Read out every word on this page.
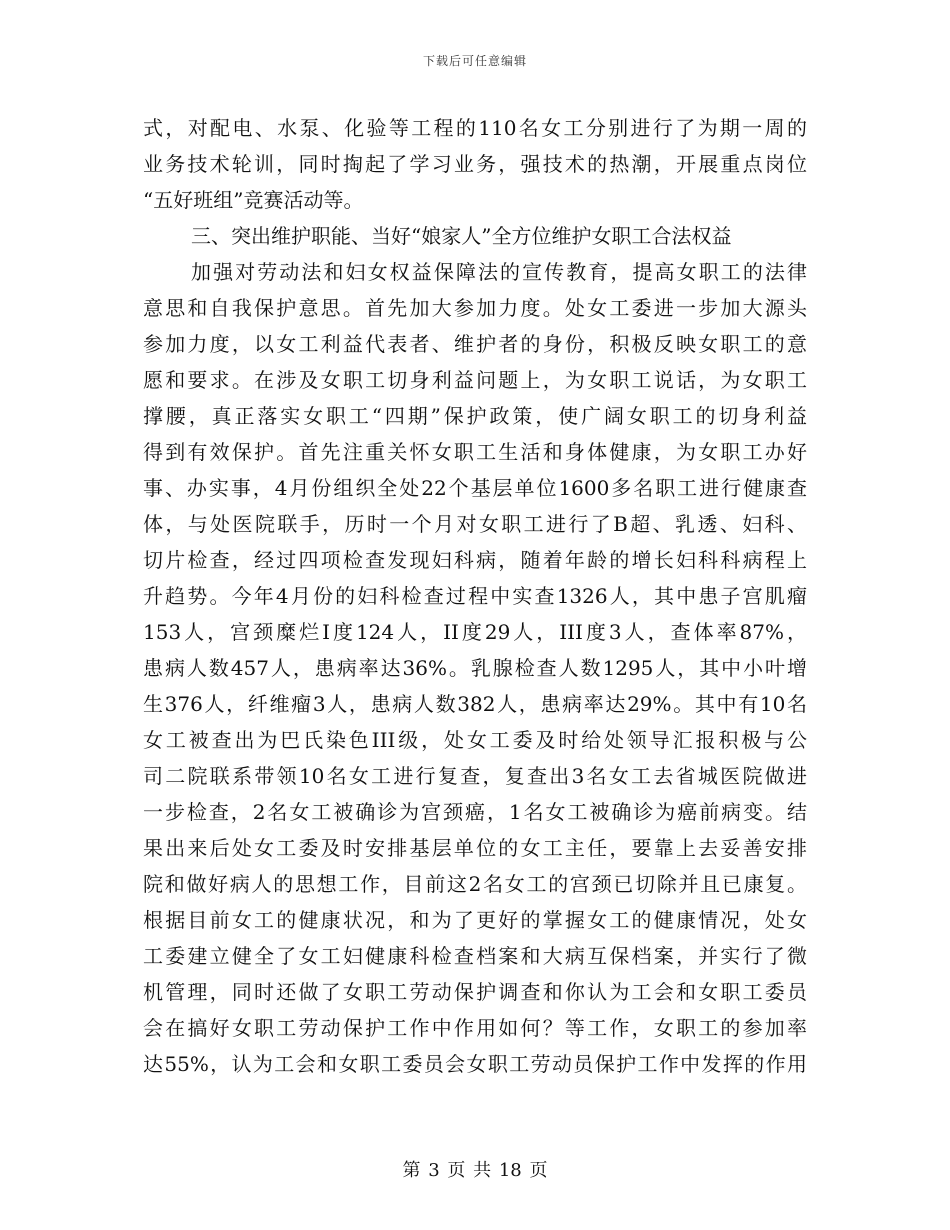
下载后可任意编辑
式，对配电、水泵、化验等工程的110名女工分别进行了为期一周的
业务技术轮训，同时掏起了学习业务，强技术的热潮，开展重点岗位
“五好班组”竞赛活动等。
三、突出维护职能、当好“娘家人”全方位维护女职工合法权益
加强对劳动法和妇女权益保障法的宣传教育，提高女职工的法律
意思和自我保护意思。首先加大参加力度。处女工委进一步加大源头
参加力度，以女工利益代表者、维护者的身份，积极反映女职工的意
愿和要求。在涉及女职工切身利益问题上，为女职工说话，为女职工
撑腰，真正落实女职工“四期”保护政策，使广阔女职工的切身利益
得到有效保护。首先注重关怀女职工生活和身体健康，为女职工办好
事、办实事，4月份组织全处22个基层单位1600多名职工进行健康查
体，与处医院联手，历时一个月对女职工进行了B超、乳透、妇科、
切片检查，经过四项检查发现妇科病，随着年龄的增长妇科科病程上
升趋势。今年4月份的妇科检查过程中实查1326人，其中患子宫肌瘤
153人，宫颈糜烂I度124人，II度29人，III度3人，查体率87%，
患病人数457人，患病率达36%。乳腺检查人数1295人，其中小叶增
生376人，纤维瘤3人，患病人数382人，患病率达29%。其中有10名
女工被查出为巴氏染色III级，处女工委及时给处领导汇报积极与公
司二院联系带领10名女工进行复查，复查出3名女工去省城医院做进
一步检查，2名女工被确诊为宫颈癌，1名女工被确诊为癌前病变。结
果出来后处女工委及时安排基层单位的女工主任，要靠上去妥善安排
院和做好病人的思想工作，目前这2名女工的宫颈已切除并且已康复。
根据目前女工的健康状况，和为了更好的掌握女工的健康情况，处女
工委建立健全了女工妇健康科检查档案和大病互保档案，并实行了微
机管理，同时还做了女职工劳动保护调查和你认为工会和女职工委员
会在搞好女职工劳动保护工作中作用如何？等工作，女职工的参加率
达55%，认为工会和女职工委员会女职工劳动员保护工作中发挥的作用
第 3 页 共 18 页
